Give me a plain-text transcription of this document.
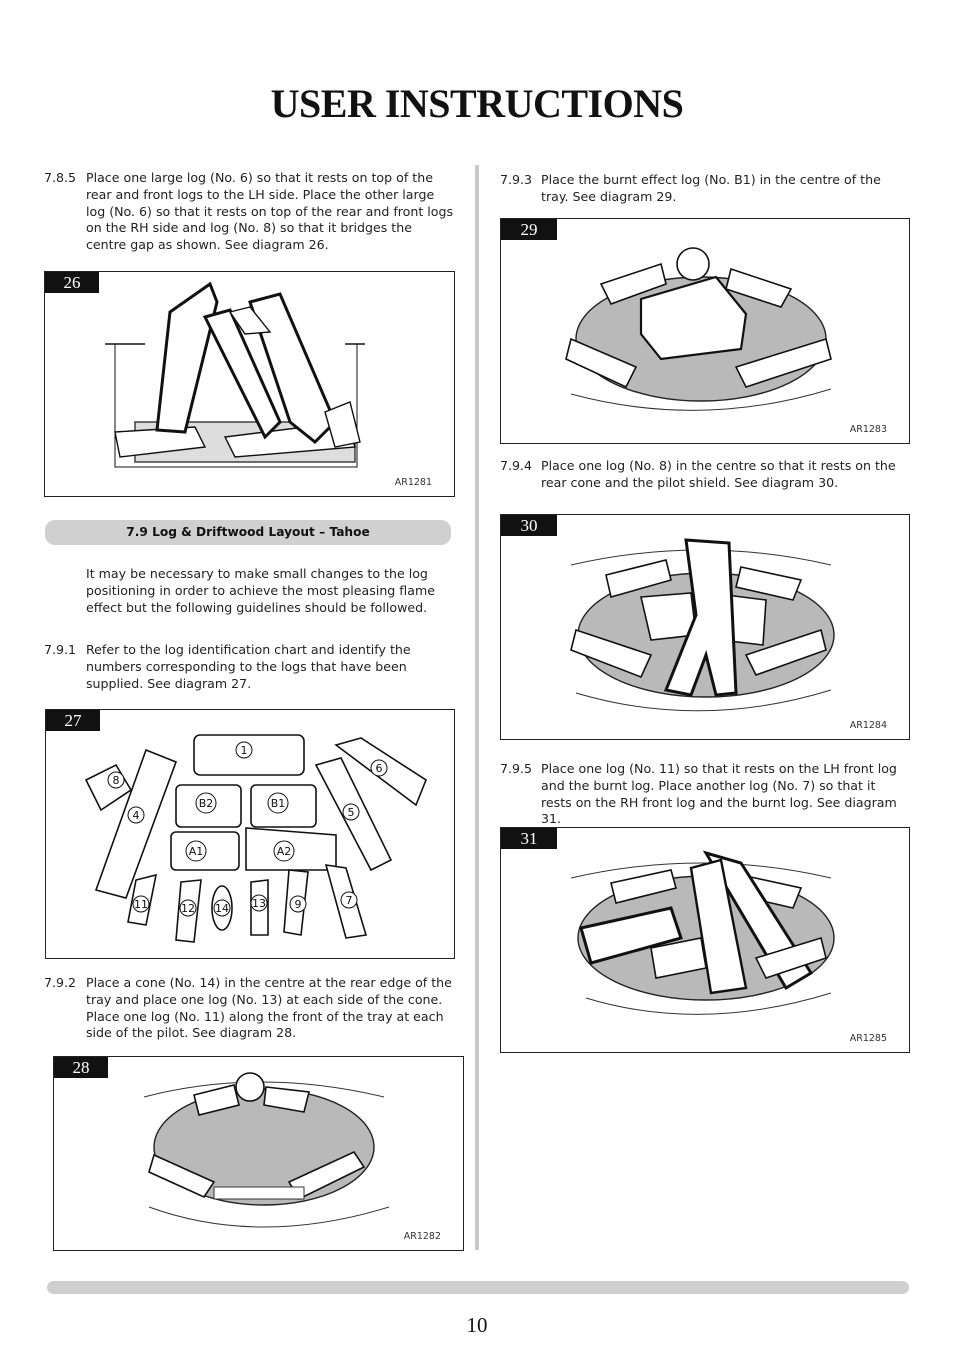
USER INSTRUCTIONS
7.8.5 Place one large log (No. 6) so that it rests on top of the rear and front logs to the LH side. Place the other large log (No. 6) so that it rests on top of the rear and front logs on the RH side and log (No. 8) so that it bridges the centre gap as shown. See diagram 26.
26
AR1281
7.9 Log & Driftwood Layout – Tahoe
It may be necessary to make small changes to the log positioning in order to achieve the most pleasing flame effect but the following guidelines should be followed.
7.9.1 Refer to the log identification chart and identify the numbers corresponding to the logs that have been supplied. See diagram 27.
27
1
8
6
4
B2	B1
5
A1	A2
11	12 14 13	9	7
7.9.2 Place a cone (No. 14) in the centre at the rear edge of the tray and place one log (No. 13) at each side of the cone. Place one log (No. 11) along the front of the tray at each side of the pilot. See diagram 28.
28
AR1282
7.9.3 Place the burnt effect log (No. B1) in the centre of the tray. See diagram 29.
29
AR1283
7.9.4 Place one log (No. 8) in the centre so that it rests on the rear cone and the pilot shield. See diagram 30.
30
AR1284
7.9.5 Place one log (No. 11) so that it rests on the LH front log and the burnt log. Place another log (No. 7) so that it rests on the RH front log and the burnt log. See diagram 31.
31
AR1285
10
